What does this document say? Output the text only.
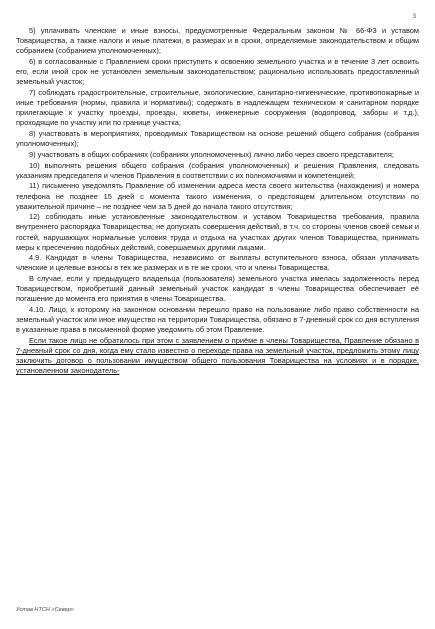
3

5) уплачивать членские и иные взносы, предусмотренные Федеральным законом № 66-ФЗ и уставом Товарищества, а также налоги и иные платежи, в размерах и в сроки, определяемые законодательством и общим собранием (собранием уполномоченных);

6) в согласованные с Правлением сроки приступить к освоению земельного участка и в течение 3 лет освоить его, если иной срок не установлен земельным законодательством; рационально использовать предоставленный земельный участок;

7) соблюдать градостроительные, строительные, экологические, санитарно-гигиенические, противопожарные и иные требования (нормы, правила и нормативы); содержать в надлежащем техническом и санитарном порядке прилегающие к участку проезды, проезды, кюветы, инженерные сооружения (водопровод, заборы и т.д.), проходящие по участку или по границе участка;

8) участвовать в мероприятиях, проводимых Товариществом на основе решений общего собрания (собрания уполномоченных);

9) участвовать в общих собраниях (собраниях уполномоченных) лично либо через своего представителя;

10) выполнять решения общего собрания (собрания уполномоченных) и решения Правления, следовать указаниям председателя и членов Правления в соответствии с их полномочиями и компетенцией;

11) письменно уведомлять Правление об изменении адреса места своего жительства (нахождения) и номера телефона не позднее 15 дней с момента такого изменения, о предстоящем длительном отсутствии по уважительной причине – не позднее чем за 5 дней до начала такого отсутствия;

12) соблюдать иные установленные законодательством и уставом Товарищества требования, правила внутреннего распорядка Товарищества; не допускать совершения действий, в т.ч. со стороны членов своей семьи и гостей, нарушающих нормальные условия труда и отдыха на участках других членов Товарищества, принимать меры к пресечению подобных действий, совершаемых другими лицами.

4.9. Кандидат в члены Товарищества, независимо от выплаты вступительного взноса, обязан уплачивать членские и целевые взносы в тех же размерах и в те же сроки, что и члены Товарищества.

В случае, если у предыдущего владельца (пользователя) земельного участка имелась задолженность перед Товариществом, приобретший данный земельный участок кандидат в члены Товарищества обеспечивает её погашение до момента его принятия в члены Товарищества.

4.10. Лицо, к которому на законном основании перешло право на пользование либо право собственности на земельный участок или иное имущество на территории Товарищества, обязано в 7-дневный срок со дня вступления в указанные права в письменной форме уведомить об этом Правление.

Если такое лицо не обратилось при этом с заявлением о приёме в члены Товарищества, Правление обязано в 7-дневный срок со дня, когда ему стало известно о переходе права на земельный участок, предложить этому лицу заключить договор о пользовании имуществом общего пользования Товарищества на условиях и в порядке, установленном законодатель-

Устав НТСН «Север»
